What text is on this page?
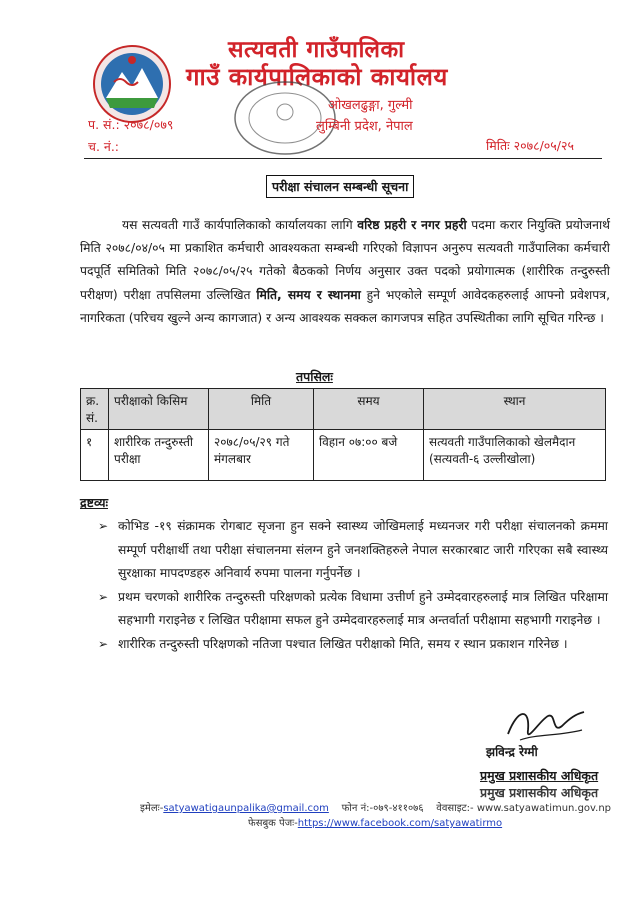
सत्यवती गाउँपालिका
गाउँ कार्यपालिकाको कार्यालय
ओखलढुङ्गा, गुल्मी
लुम्बिनी प्रदेश, नेपाल
प. सं.: २०७८/०७९
च. नं.:	मितिः २०७८/०५/२५
परीक्षा संचालन सम्बन्धी सूचना
यस सत्यवती गाउँ कार्यपालिकाको कार्यालयका लागि वरिष्ठ प्रहरी र नगर प्रहरी पदमा करार नियुक्ति प्रयोजनार्थ मिति २०७८/०४/०५ मा प्रकाशित कर्मचारी आवश्यकता सम्बन्धी गरिएको विज्ञापन अनुरुप सत्यवती गाउँपालिका कर्मचारी पदपूर्ति समितिको मिति २०७८/०५/२५ गतेको बैठकको निर्णय अनुसार उक्त पदको प्रयोगात्मक (शारीरिक तन्दुरुस्ती परीक्षण) परीक्षा तपसिलमा उल्लिखित मिति, समय र स्थानमा हुने भएकोले सम्पूर्ण आवेदकहरुलाई आफ्नो प्रवेशपत्र, नागरिकता (परिचय खुल्ने अन्य कागजात) र अन्य आवश्यक सक्कल कागजपत्र सहित उपस्थितीका लागि सूचित गरिन्छ ।
तपसिलः
क्र. सं.	परीक्षाको किसिम	मिति	समय	स्थान
१	शारीरिक तन्दुरुस्ती परीक्षा	२०७८/०५/२९ गते मंगलबार	विहान ०७:०० बजे	सत्यवती गाउँपालिकाको खेलमैदान (सत्यवती-६ उल्लीखोला)
द्रष्टव्यः
➢ कोभिड -१९ संक्रामक रोगबाट सृजना हुन सक्ने स्वास्थ्य जोखिमलाई मध्यनजर गरी परीक्षा संचालनको क्रममा सम्पूर्ण परीक्षार्थी तथा परीक्षा संचालनमा संलग्न हुने जनशक्तिहरुले नेपाल सरकारबाट जारी गरिएका सबै स्वास्थ्य सुरक्षाका मापदण्डहरु अनिवार्य रुपमा पालना गर्नुपर्नेछ ।
➢ प्रथम चरणको शारीरिक तन्दुरुस्ती परिक्षणको प्रत्येक विधामा उत्तीर्ण हुने उम्मेदवारहरुलाई मात्र लिखित परिक्षामा सहभागी गराइनेछ र लिखित परीक्षामा सफल हुने उम्मेदवारहरुलाई मात्र अन्तर्वार्ता परीक्षामा सहभागी गराइनेछ ।
➢ शारीरिक तन्दुरुस्ती परिक्षणको नतिजा पश्चात लिखित परीक्षाको मिति, समय र स्थान प्रकाशन गरिनेछ ।
झविन्द्र रेग्मी
प्रमुख प्रशासकीय अधिकृत
प्रमुख प्रशासकीय अधिकृत
इमेलः-satyawatigaunpalika@gmail.com फोन नं:-०७९-४११०७६ वेवसाइट:- www.satyawatimun.gov.np
फेसबुक पेजः-https://www.facebook.com/satyawatirmo
